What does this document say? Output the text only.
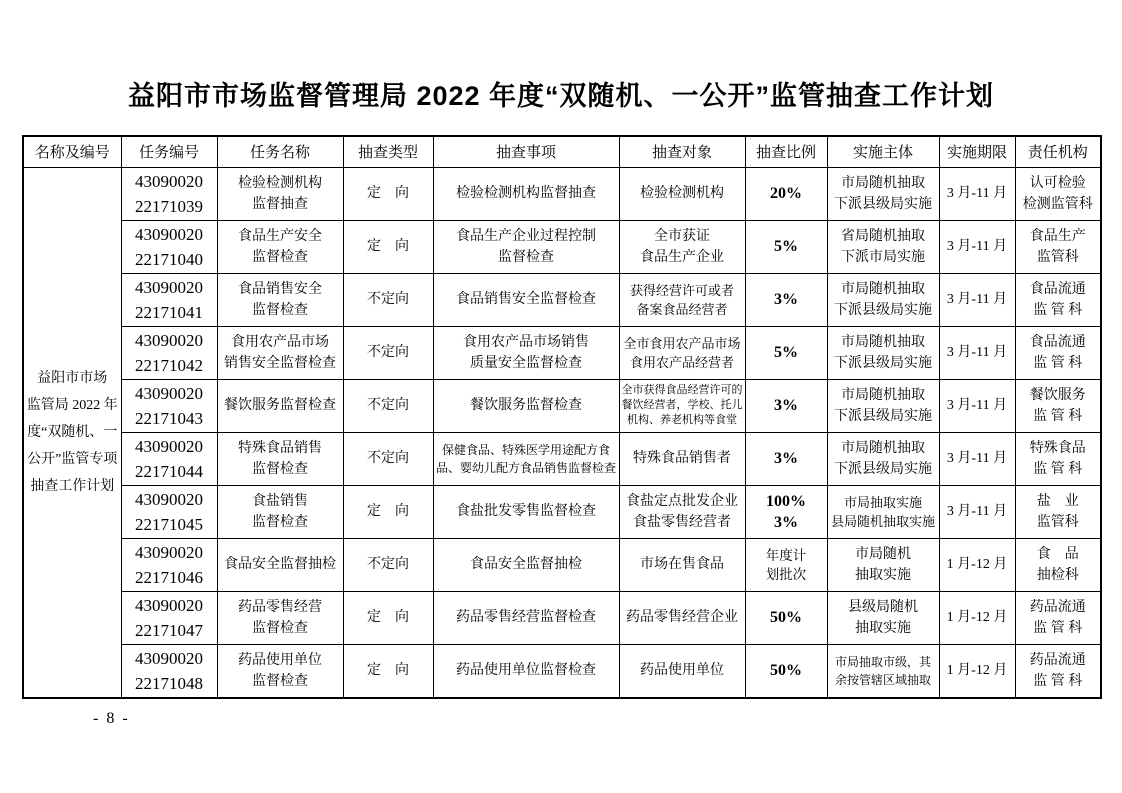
益阳市市场监督管理局 2022 年度“双随机、一公开”监管抽查工作计划
名称及编号	任务编号	任务名称	抽查类型	抽查事项	抽查对象	抽查比例	实施主体	实施期限	责任机构
益阳市市场
监管局 2022 年
度“双随机、一
公开”监管专项
抽查工作计划	43090020
22171039	检验检测机构
监督抽查	定　向	检验检测机构监督抽查	检验检测机构	20%	市局随机抽取
下派县级局实施	3 月-11 月	认可检验
检测监管科
	43090020
22171040	食品生产安全
监督检查	定　向	食品生产企业过程控制
监督检查	全市获证
食品生产企业	5%	省局随机抽取
下派市局实施	3 月-11 月	食品生产
监管科
	43090020
22171041	食品销售安全
监督检查	不定向	食品销售安全监督检查	获得经营许可或者
备案食品经营者	3%	市局随机抽取
下派县级局实施	3 月-11 月	食品流通
监 管 科
	43090020
22171042	食用农产品市场
销售安全监督检查	不定向	食用农产品市场销售
质量安全监督检查	全市食用农产品市场
食用农产品经营者	5%	市局随机抽取
下派县级局实施	3 月-11 月	食品流通
监 管 科
	43090020
22171043	餐饮服务监督检查	不定向	餐饮服务监督检查	全市获得食品经营许可的
餐饮经营者，学校、托儿
机构、养老机构等食堂	3%	市局随机抽取
下派县级局实施	3 月-11 月	餐饮服务
监 管 科
	43090020
22171044	特殊食品销售
监督检查	不定向	保健食品、特殊医学用途配方食
品、婴幼儿配方食品销售监督检查	特殊食品销售者	3%	市局随机抽取
下派县级局实施	3 月-11 月	特殊食品
监 管 科
	43090020
22171045	食盐销售
监督检查	定　向	食盐批发零售监督检查	食盐定点批发企业
食盐零售经营者	100%
3%	市局抽取实施
县局随机抽取实施	3 月-11 月	盐　业
监管科
	43090020
22171046	食品安全监督抽检	不定向	食品安全监督抽检	市场在售食品	年度计
划批次	市局随机
抽取实施	1 月-12 月	食　品
抽检科
	43090020
22171047	药品零售经营
监督检查	定　向	药品零售经营监督检查	药品零售经营企业	50%	县级局随机
抽取实施	1 月-12 月	药品流通
监 管 科
	43090020
22171048	药品使用单位
监督检查	定　向	药品使用单位监督检查	药品使用单位	50%	市局抽取市级，其
余按管辖区域抽取	1 月-12 月	药品流通
监 管 科
- 8 -
